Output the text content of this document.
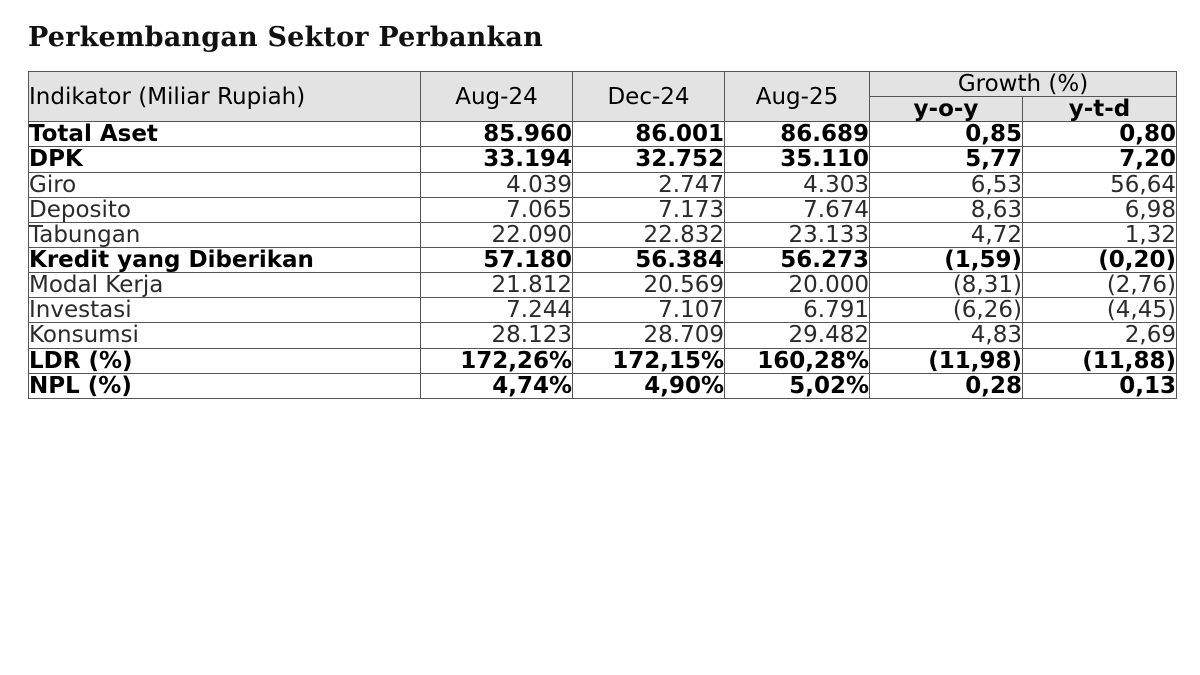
Perkembangan Sektor Perbankan
Indikator (Miliar Rupiah)	Aug-24	Dec-24	Aug-25	Growth (%)	
				y-o-y	y-t-d
Total Aset	85.960	86.001	86.689	0,85	0,80
DPK	33.194	32.752	35.110	5,77	7,20
Giro	4.039	2.747	4.303	6,53	56,64
Deposito	7.065	7.173	7.674	8,63	6,98
Tabungan	22.090	22.832	23.133	4,72	1,32
Kredit yang Diberikan	57.180	56.384	56.273	(1,59)	(0,20)
Modal Kerja	21.812	20.569	20.000	(8,31)	(2,76)
Investasi	7.244	7.107	6.791	(6,26)	(4,45)
Konsumsi	28.123	28.709	29.482	4,83	2,69
LDR (%)	172,26%	172,15%	160,28%	(11,98)	(11,88)
NPL (%)	4,74%	4,90%	5,02%	0,28	0,13
